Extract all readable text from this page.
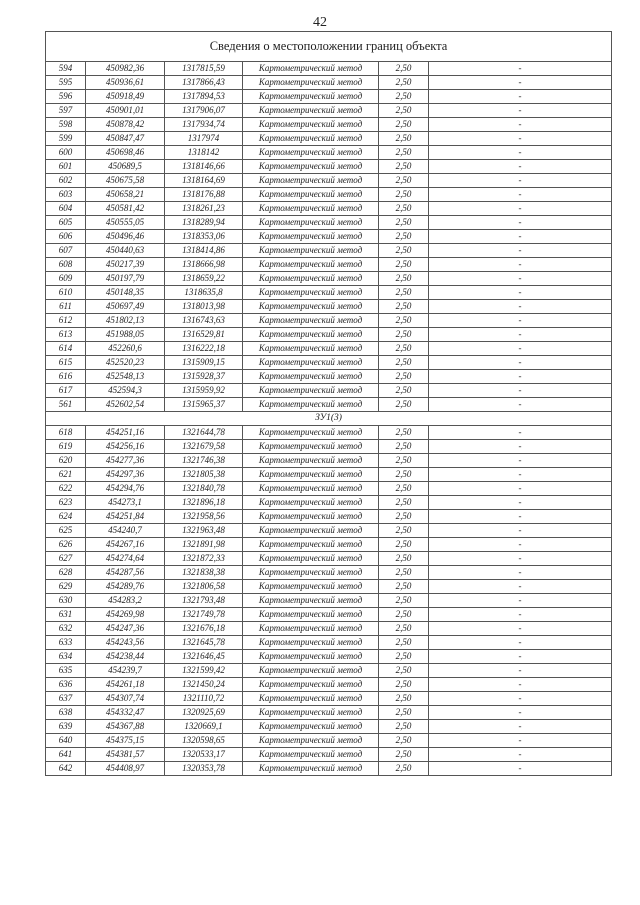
42
Сведения о местоположении границ объекта					
594	450982,36	1317815,59	Картометрический метод	2,50	-
595	450936,61	1317866,43	Картометрический метод	2,50	-
596	450918,49	1317894,53	Картометрический метод	2,50	-
597	450901,01	1317906,07	Картометрический метод	2,50	-
598	450878,42	1317934,74	Картометрический метод	2,50	-
599	450847,47	1317974	Картометрический метод	2,50	-
600	450698,46	1318142	Картометрический метод	2,50	-
601	450689,5	1318146,66	Картометрический метод	2,50	-
602	450675,58	1318164,69	Картометрический метод	2,50	-
603	450658,21	1318176,88	Картометрический метод	2,50	-
604	450581,42	1318261,23	Картометрический метод	2,50	-
605	450555,05	1318289,94	Картометрический метод	2,50	-
606	450496,46	1318353,06	Картометрический метод	2,50	-
607	450440,63	1318414,86	Картометрический метод	2,50	-
608	450217,39	1318666,98	Картометрический метод	2,50	-
609	450197,79	1318659,22	Картометрический метод	2,50	-
610	450148,35	1318635,8	Картометрический метод	2,50	-
611	450697,49	1318013,98	Картометрический метод	2,50	-
612	451802,13	1316743,63	Картометрический метод	2,50	-
613	451988,05	1316529,81	Картометрический метод	2,50	-
614	452260,6	1316222,18	Картометрический метод	2,50	-
615	452520,23	1315909,15	Картометрический метод	2,50	-
616	452548,13	1315928,37	Картометрический метод	2,50	-
617	452594,3	1315959,92	Картометрический метод	2,50	-
561	452602,54	1315965,37	Картометрический метод	2,50	-
ЗУ1(3)					
618	454251,16	1321644,78	Картометрический метод	2,50	-
619	454256,16	1321679,58	Картометрический метод	2,50	-
620	454277,36	1321746,38	Картометрический метод	2,50	-
621	454297,36	1321805,38	Картометрический метод	2,50	-
622	454294,76	1321840,78	Картометрический метод	2,50	-
623	454273,1	1321896,18	Картометрический метод	2,50	-
624	454251,84	1321958,56	Картометрический метод	2,50	-
625	454240,7	1321963,48	Картометрический метод	2,50	-
626	454267,16	1321891,98	Картометрический метод	2,50	-
627	454274,64	1321872,33	Картометрический метод	2,50	-
628	454287,56	1321838,38	Картометрический метод	2,50	-
629	454289,76	1321806,58	Картометрический метод	2,50	-
630	454283,2	1321793,48	Картометрический метод	2,50	-
631	454269,98	1321749,78	Картометрический метод	2,50	-
632	454247,36	1321676,18	Картометрический метод	2,50	-
633	454243,56	1321645,78	Картометрический метод	2,50	-
634	454238,44	1321646,45	Картометрический метод	2,50	-
635	454239,7	1321599,42	Картометрический метод	2,50	-
636	454261,18	1321450,24	Картометрический метод	2,50	-
637	454307,74	1321110,72	Картометрический метод	2,50	-
638	454332,47	1320925,69	Картометрический метод	2,50	-
639	454367,88	1320669,1	Картометрический метод	2,50	-
640	454375,15	1320598,65	Картометрический метод	2,50	-
641	454381,57	1320533,17	Картометрический метод	2,50	-
642	454408,97	1320353,78	Картометрический метод	2,50	-
